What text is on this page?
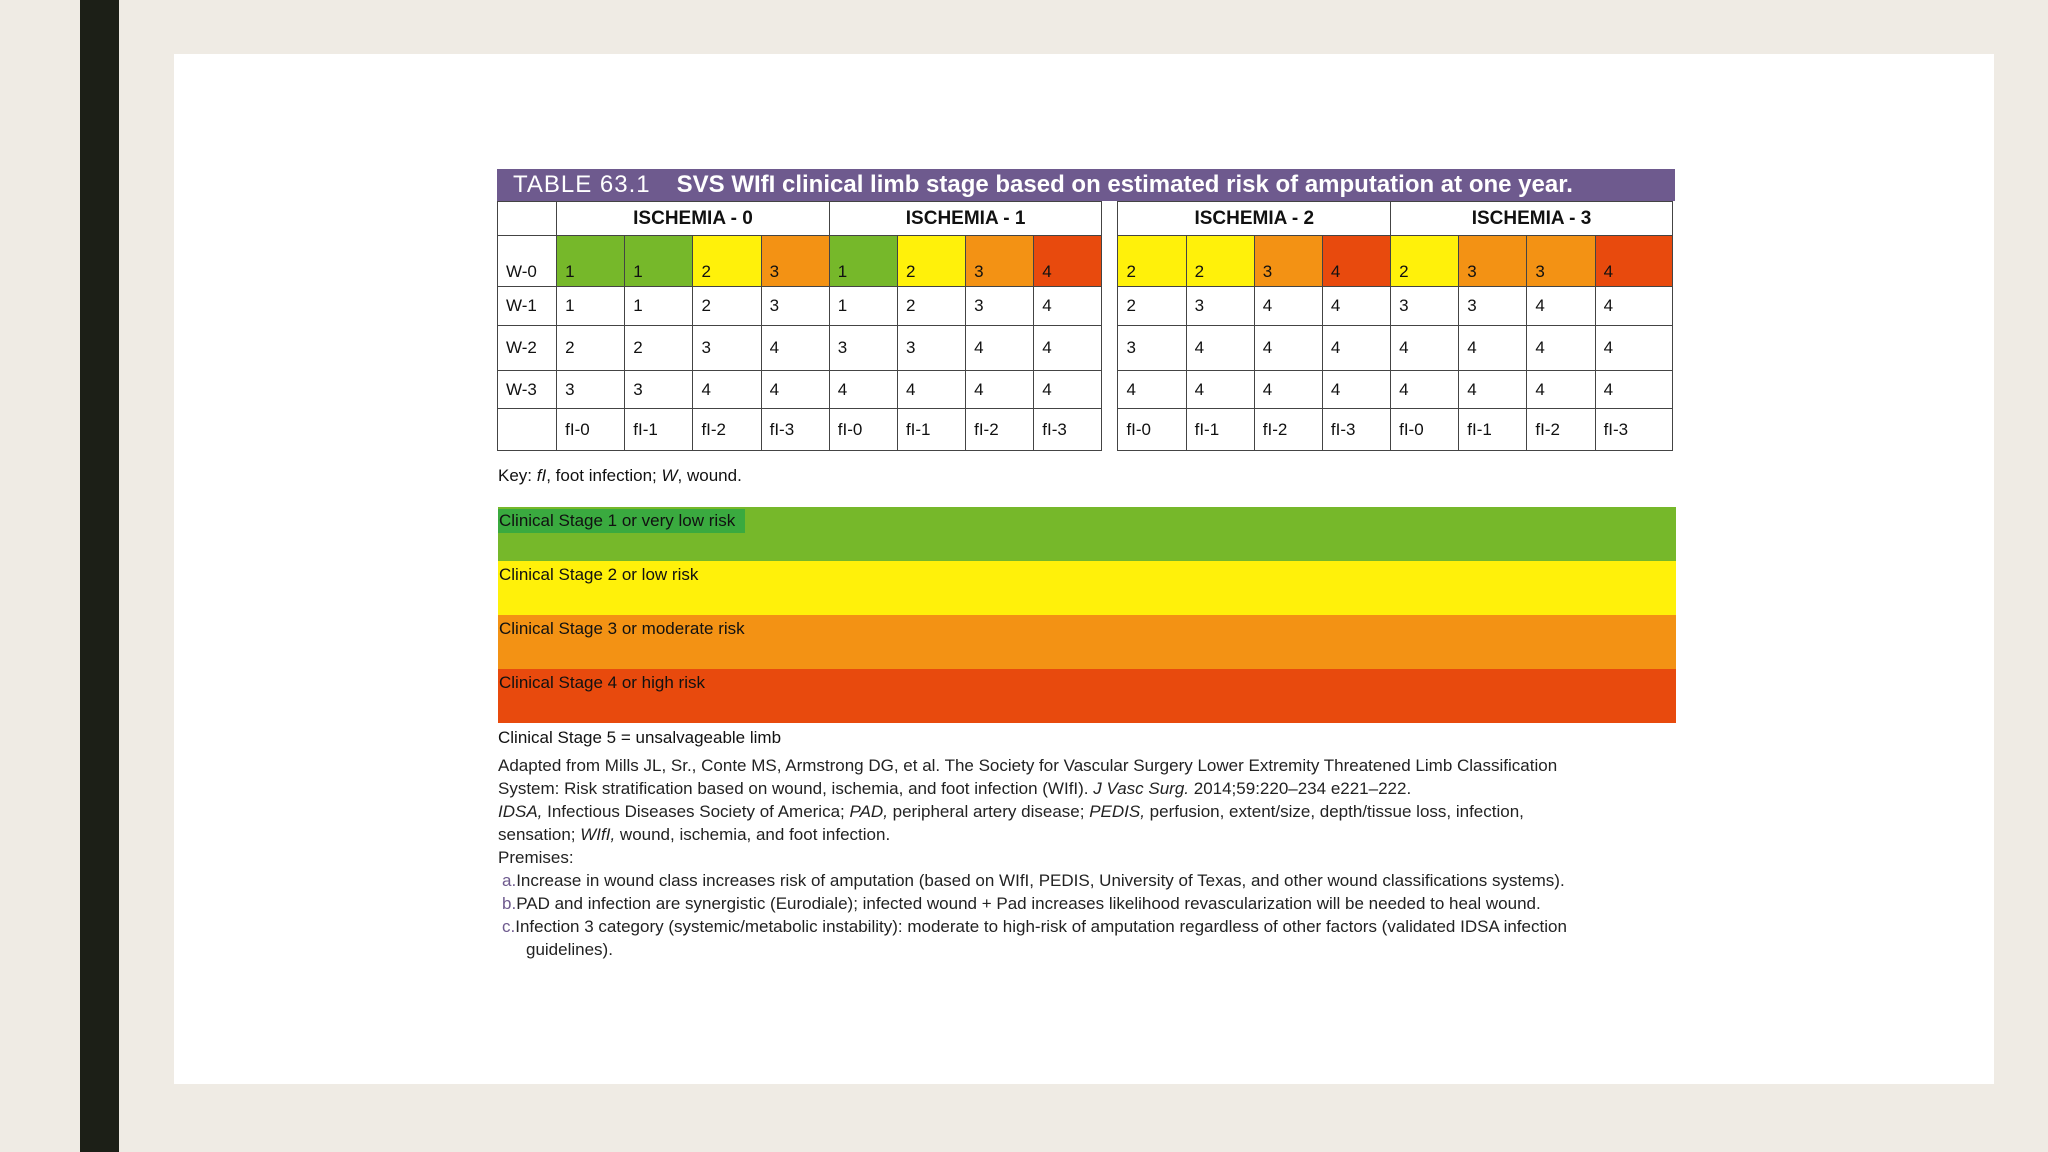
TABLE 63.1 SVS WIfI clinical limb stage based on estimated risk of amputation at one year.
	ISCHEMIA - 0				ISCHEMIA - 1					ISCHEMIA - 2				ISCHEMIA - 3			
W-0	1	1	2	3	1	2	3	4		2	2	3	4	2	3	3	4
W-1	1	1	2	3	1	2	3	4		2	3	4	4	3	3	4	4
W-2	2	2	3	4	3	3	4	4		3	4	4	4	4	4	4	4
W-3	3	3	4	4	4	4	4	4		4	4	4	4	4	4	4	4
	fI-0	fI-1	fI-2	fI-3	fI-0	fI-1	fI-2	fI-3		fI-0	fI-1	fI-2	fI-3	fI-0	fI-1	fI-2	fI-3
Key: fI, foot infection; W, wound.
Clinical Stage 1 or very low risk
Clinical Stage 2 or low risk
Clinical Stage 3 or moderate risk
Clinical Stage 4 or high risk
Clinical Stage 5 = unsalvageable limb

Adapted from Mills JL, Sr., Conte MS, Armstrong DG, et al. The Society for Vascular Surgery Lower Extremity Threatened Limb Classification

System: Risk stratification based on wound, ischemia, and foot infection (WIfI). J Vasc Surg. 2014;59:220–234 e221–222.

IDSA, Infectious Diseases Society of America; PAD, peripheral artery disease; PEDIS, perfusion, extent/size, depth/tissue loss, infection,

sensation; WIfI, wound, ischemia, and foot infection.

Premises:

a.Increase in wound class increases risk of amputation (based on WIfI, PEDIS, University of Texas, and other wound classifications systems).
b.PAD and infection are synergistic (Eurodiale); infected wound + Pad increases likelihood revascularization will be needed to heal wound.
c.Infection 3 category (systemic/metabolic instability): moderate to high-risk of amputation regardless of other factors (validated IDSA infection
guidelines).
